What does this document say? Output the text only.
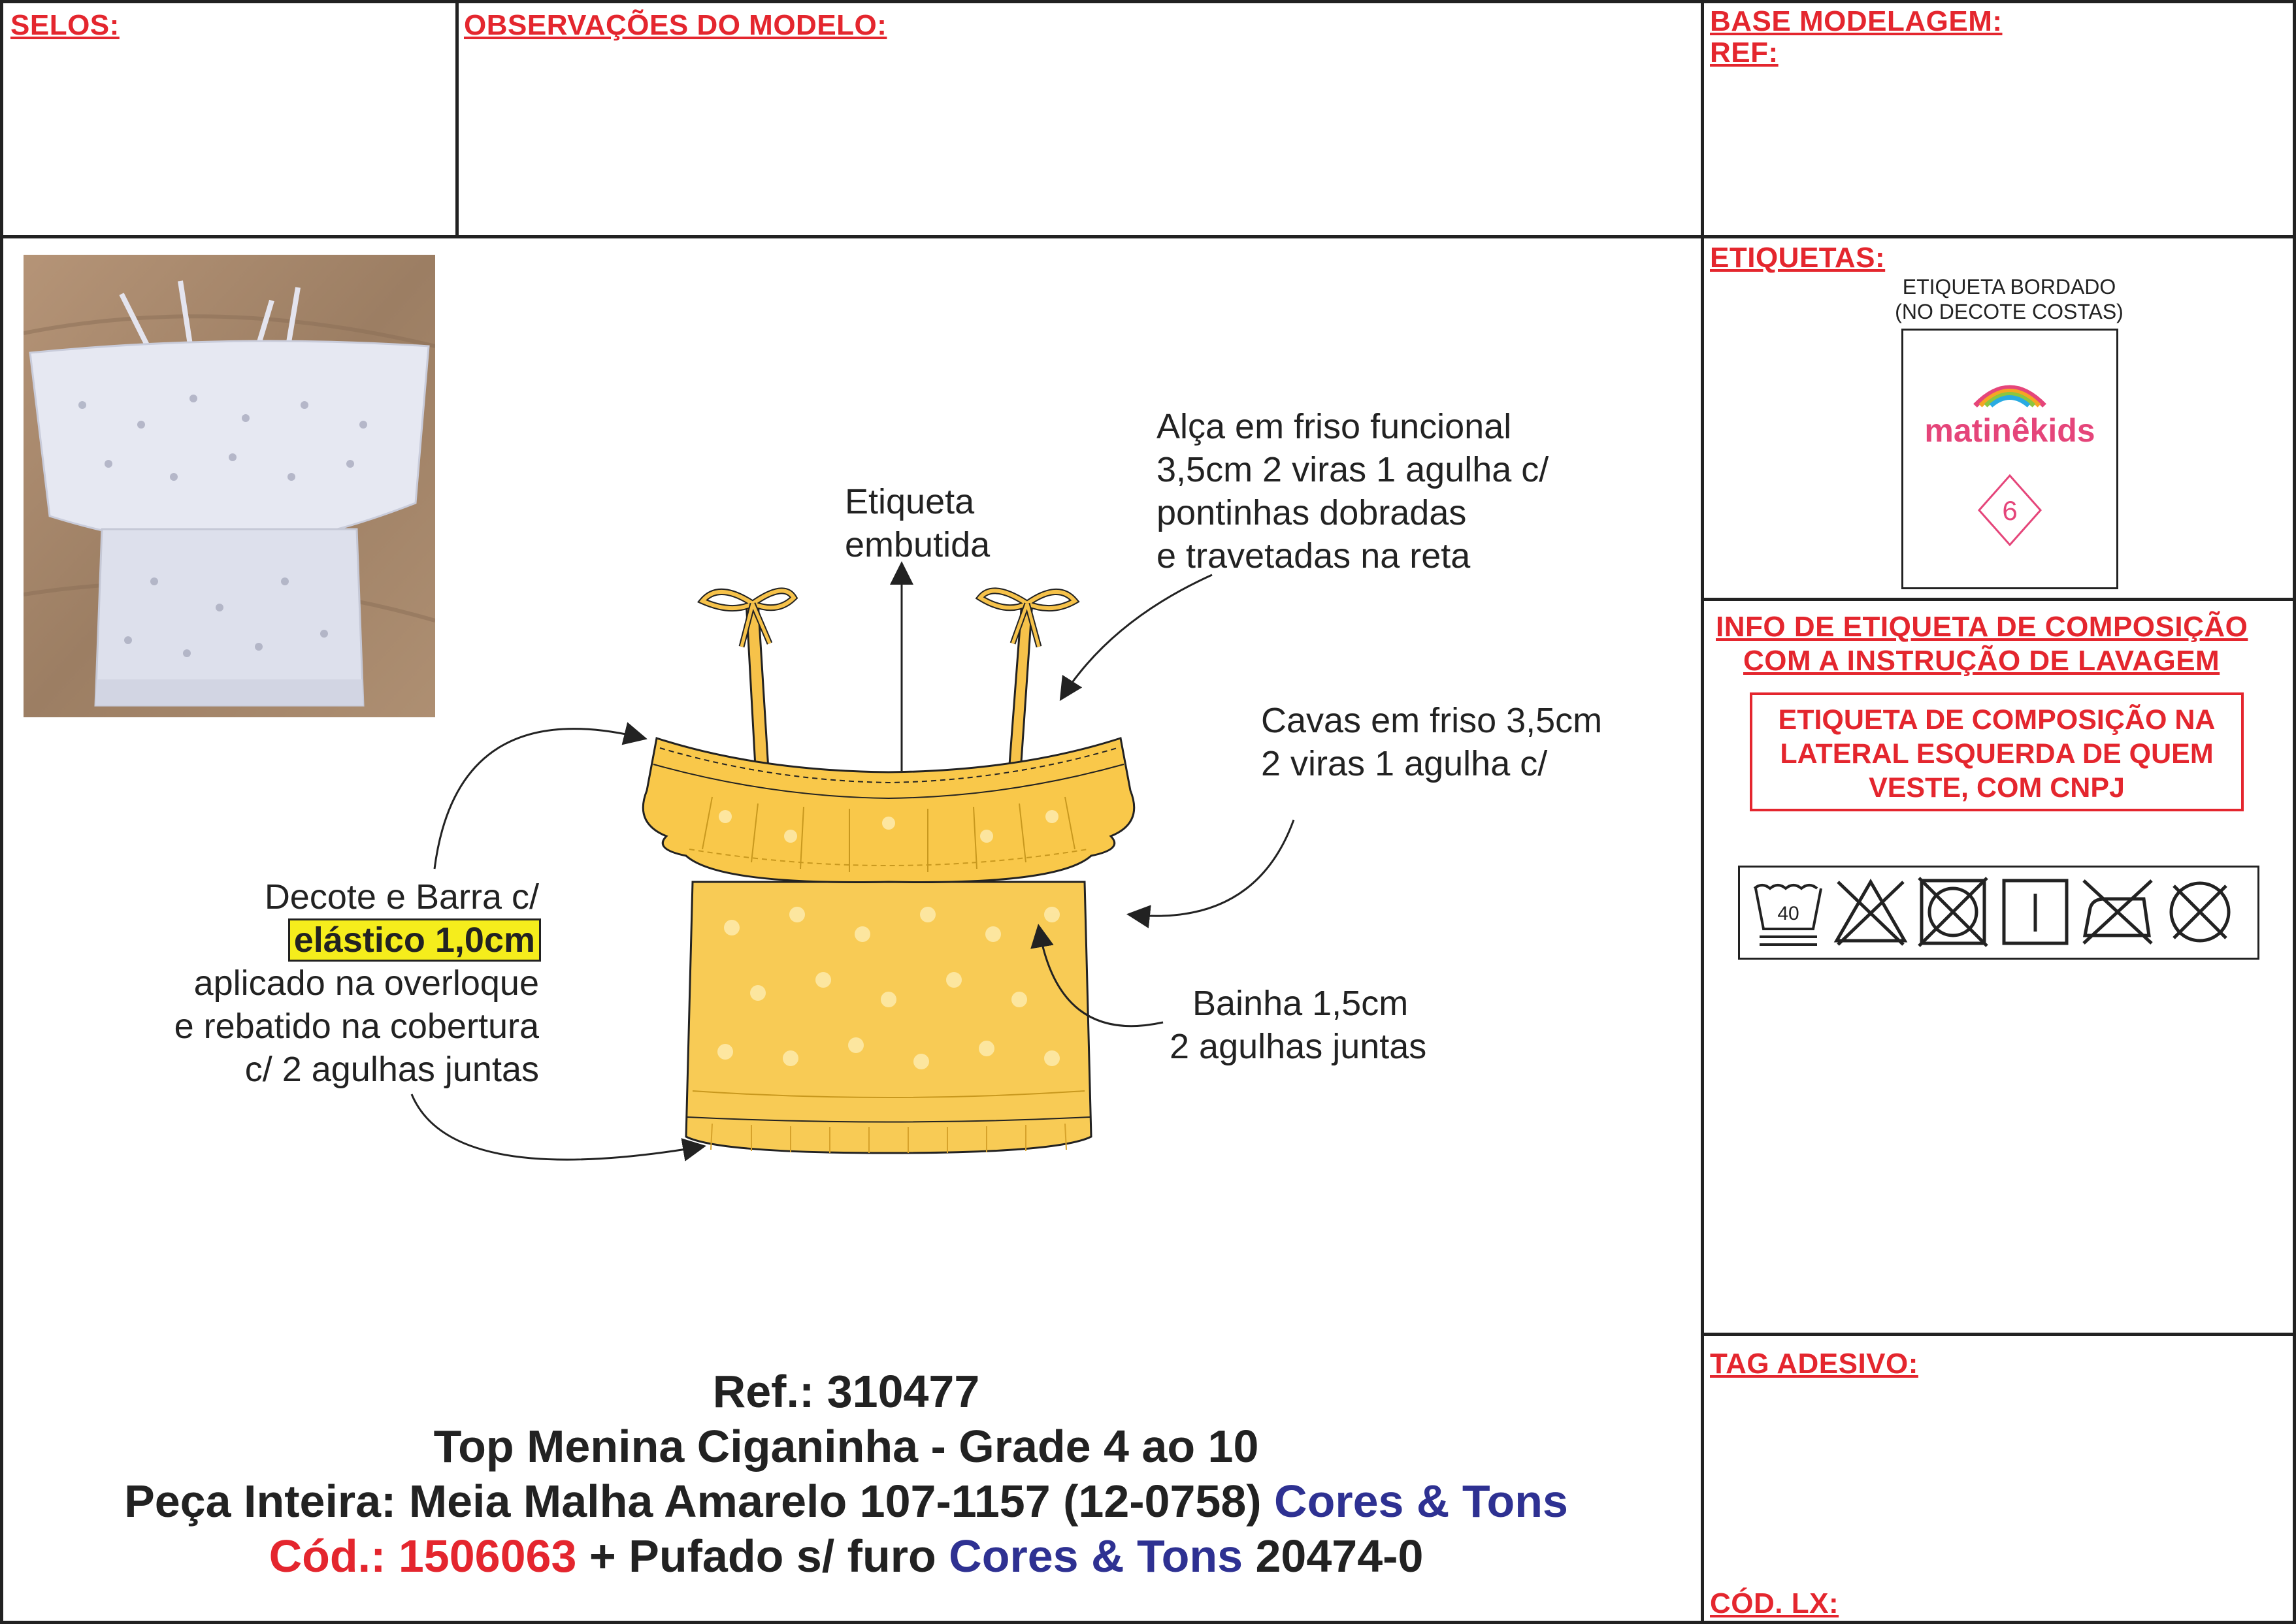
SELOS:	OBSERVAÇÕES DO MODELO:	BASE MODELAGEM:
REF:
ETIQUETAS:
INFO DE ETIQUETA DE COMPOSIÇÃO
COM A INSTRUÇÃO DE LAVAGEM
TAG ADESIVO:
CÓD. LX:
Etiqueta
embutida
Alça em friso funcional
3,5cm 2 viras 1 agulha c/
pontinhas dobradas
e travetadas na reta
Cavas em friso 3,5cm
2 viras 1 agulha c/
Decote e Barra c/
elástico 1,0cm
aplicado na overloque
e rebatido na cobertura
c/ 2 agulhas juntas
Bainha 1,5cm
2 agulhas juntas
Ref.: 310477
Top Menina Ciganinha - Grade 4 ao 10
Peça Inteira: Meia Malha Amarelo 107-1157 (12-0758) Cores & Tons
Cód.: 1506063 + Pufado s/ furo Cores & Tons 20474-0
ETIQUETA BORDADO
(NO DECOTE COSTAS)
matinêkids
6
ETIQUETA DE COMPOSIÇÃO NA
LATERAL ESQUERDA DE QUEM
VESTE, COM CNPJ
40
